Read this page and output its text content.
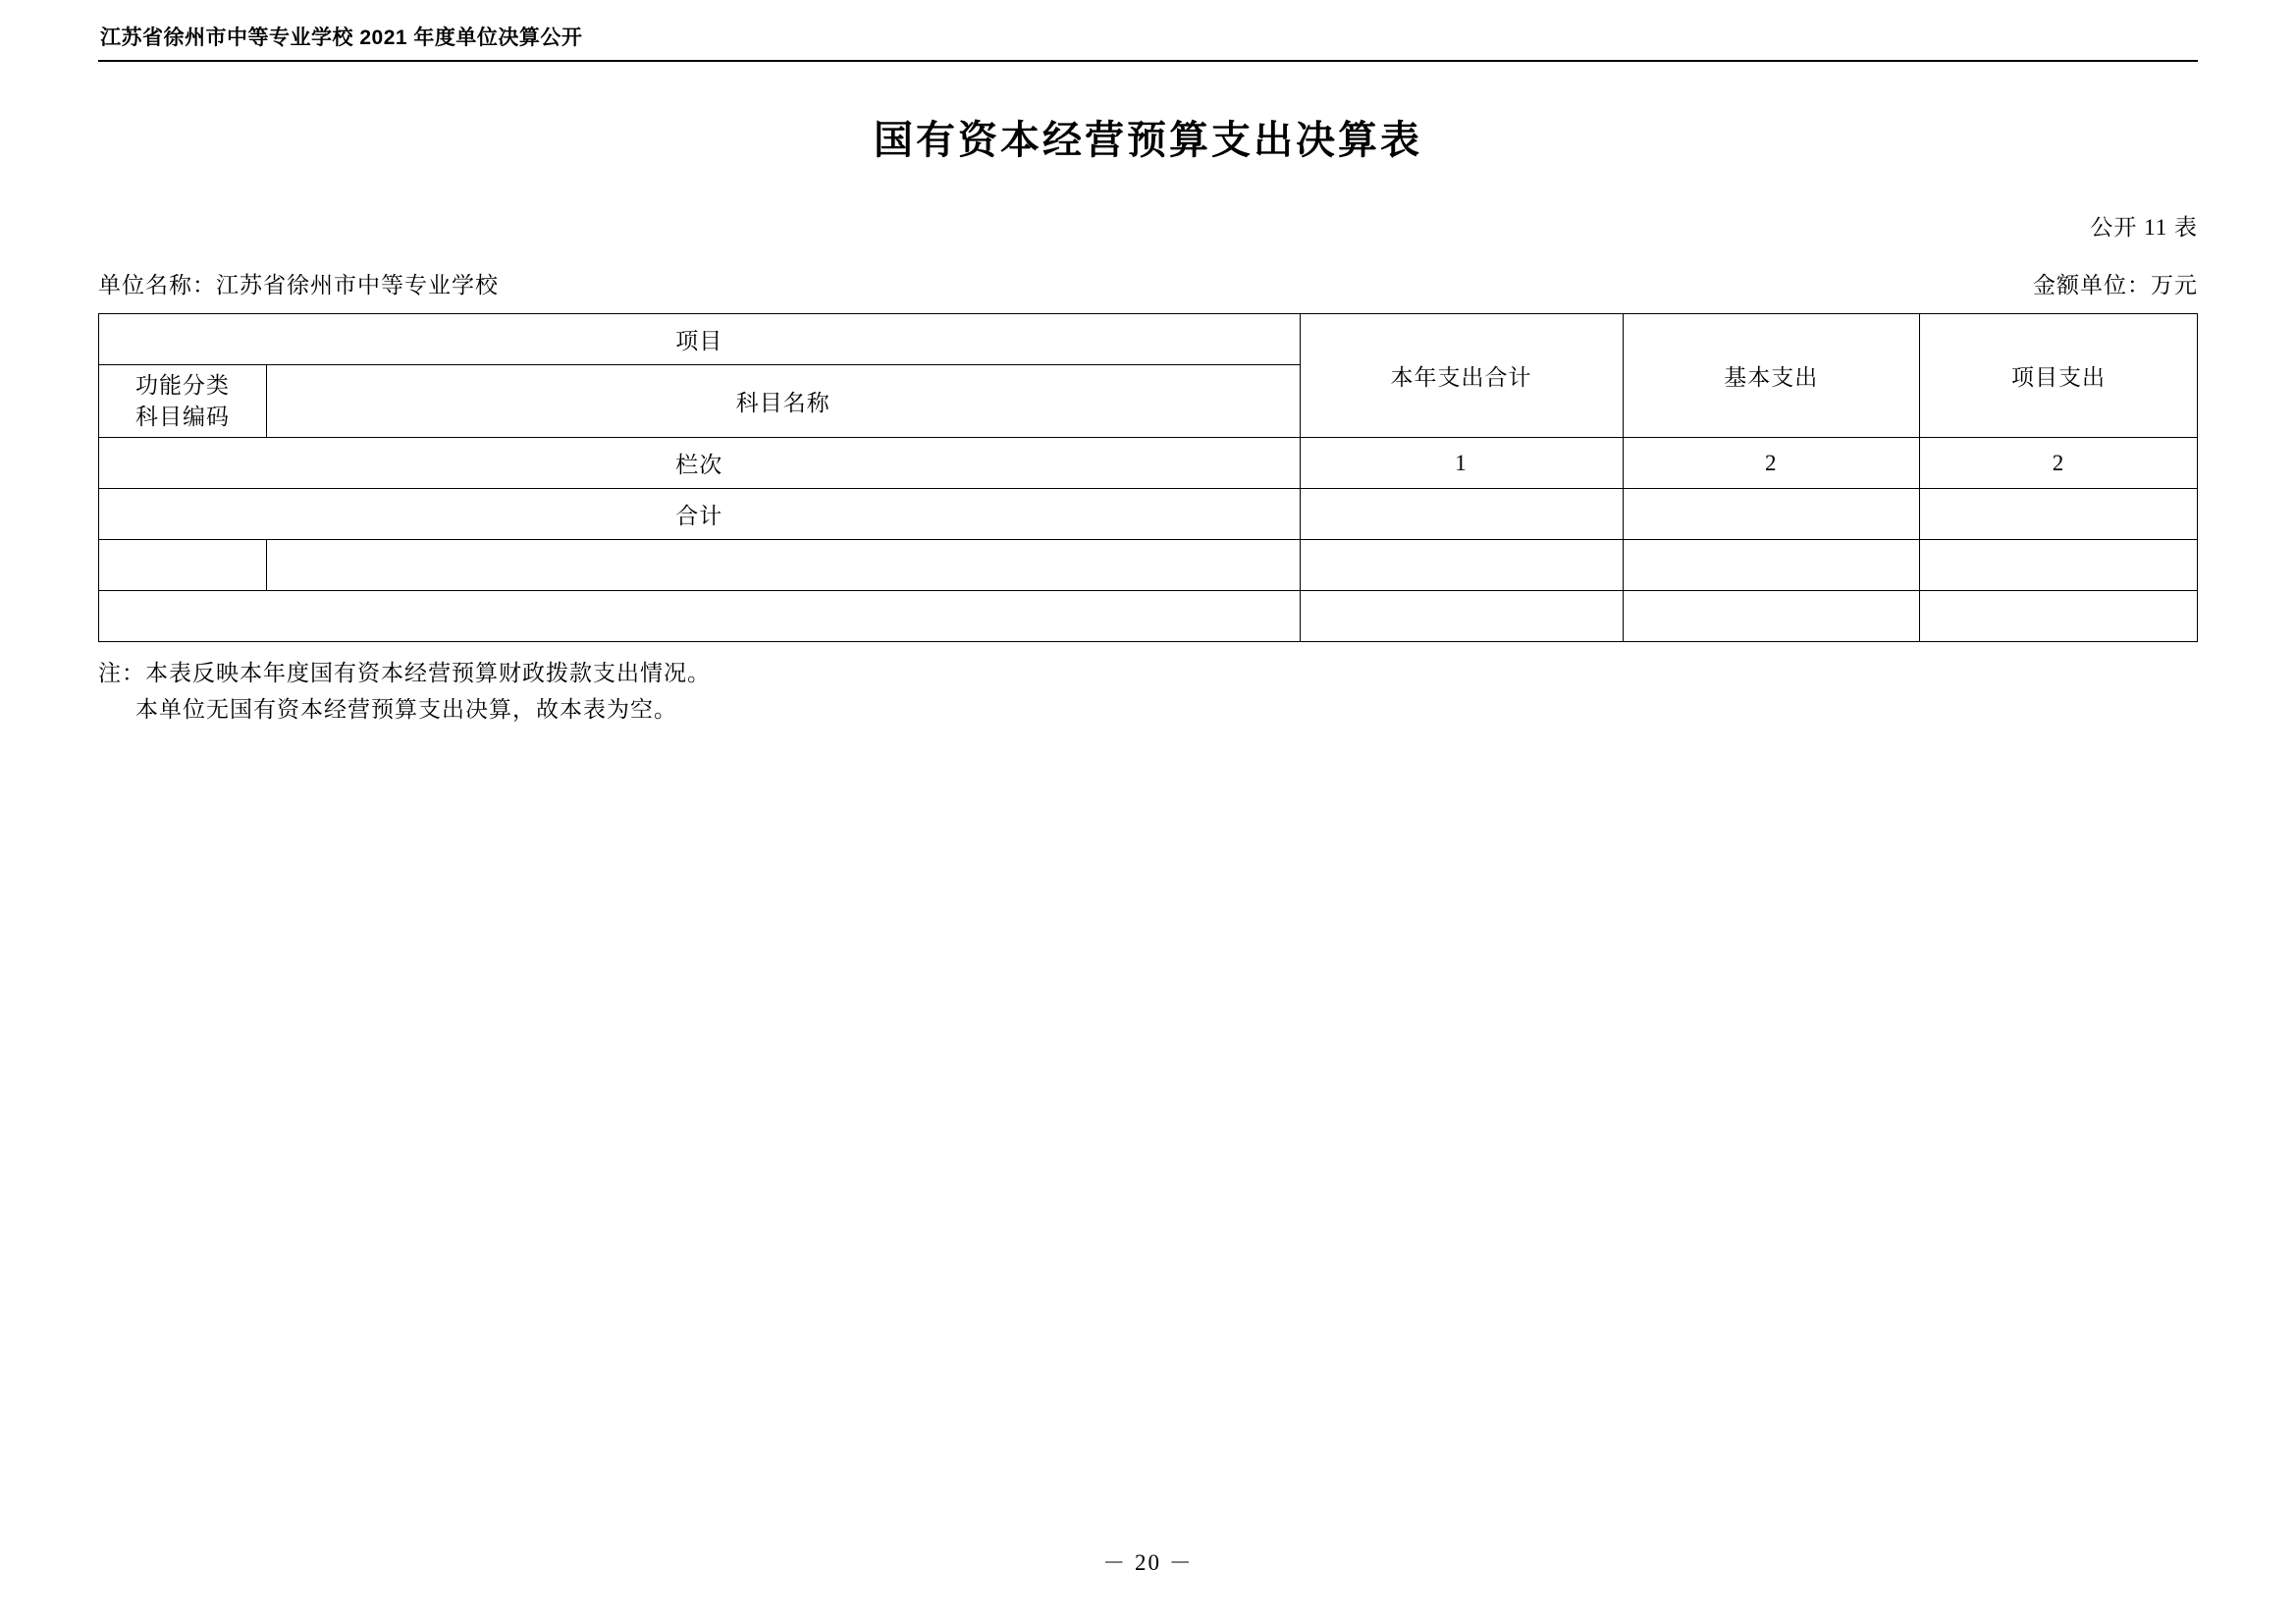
江苏省徐州市中等专业学校 2021 年度单位决算公开
国有资本经营预算支出决算表
公开 11 表
单位名称：江苏省徐州市中等专业学校	金额单位：万元
项目		本年支出合计	基本支出	项目支出

功能分类
科目编码	科目名称			
栏次		1	2	2
合计				

注：本表反映本年度国有资本经营预算财政拨款支出情况。
本单位无国有资本经营预算支出决算，故本表为空。
－ 20 －
